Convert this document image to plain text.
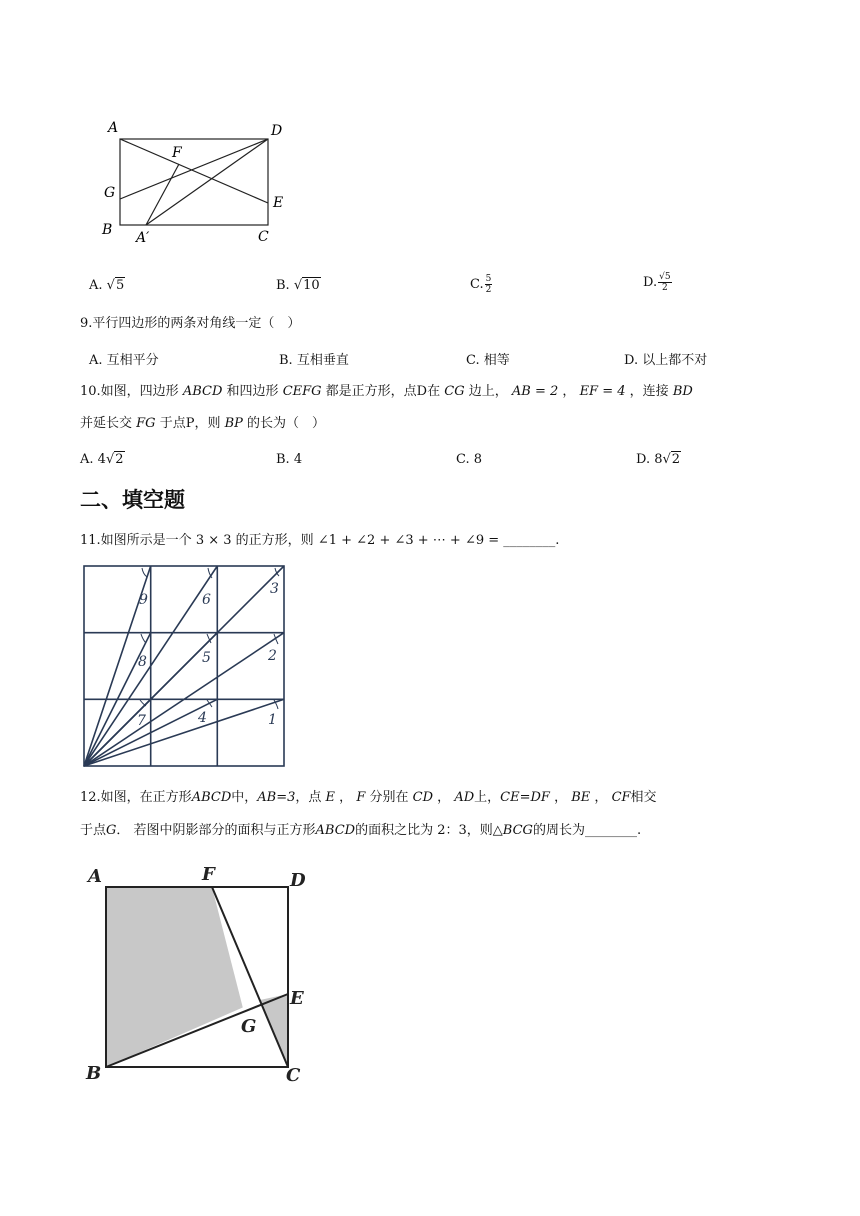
A	D
F
G
E
B A′	C
A. √5	B. √10	C. $\frac{5}{2}$	D. $\frac{√5}{2}$
9.平行四边形的两条对角线一定（　）
A. 互相平分	B. 互相垂直	C. 相等	D. 以上都不对
10.如图，四边形 ABCD 和四边形 CEFG 都是正方形，点D在 CG 边上， AB = 2 ， EF = 4 ，连接 BD
并延长交 FG 于点P，则 BP 的长为（　）
A. 4√2	B. 4	C. 8	D. 8√2
二、填空题
11.如图所示是一个 3 × 3 的正方形，则 ∠1 + ∠2 + ∠3 + ⋯ + ∠9 = ________.
1
2
3
4
5
6
7
8
9
12.如图，在正方形ABCD中，AB=3，点 E ， F 分别在 CD ， AD上，CE=DF ， BE ， CF相交
于点G． 若图中阴影部分的面积与正方形ABCD的面积之比为 2：3，则△BCG的周长为________.
A	F	D
E
G
B	C
